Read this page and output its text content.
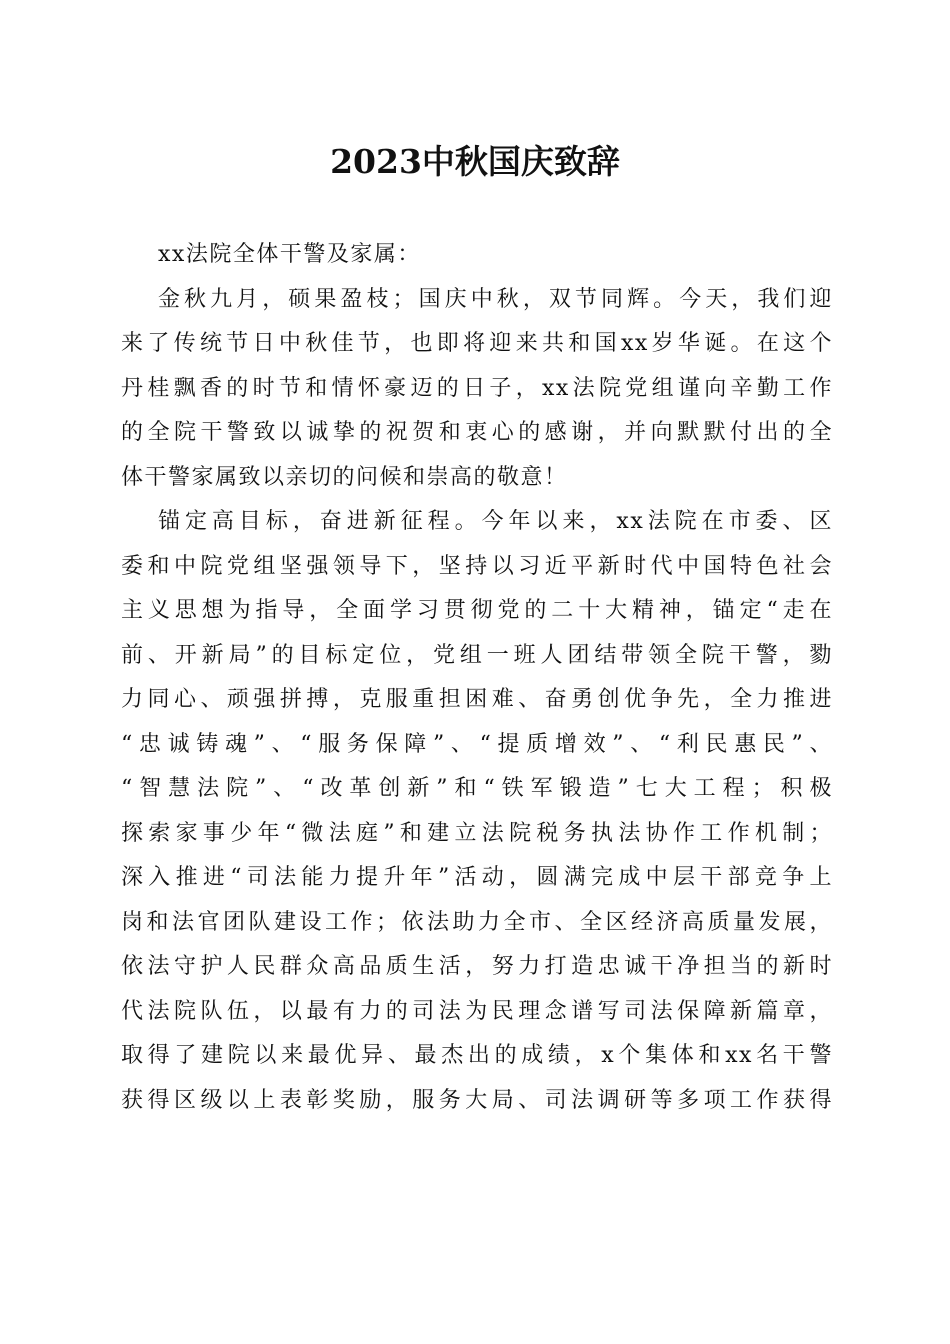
2023中秋国庆致辞

xx法院全体干警及家属：

金秋九月，硕果盈枝；国庆中秋，双节同辉。今天，我们迎
来了传统节日中秋佳节，也即将迎来共和国xx岁华诞。在这个
丹桂飘香的时节和情怀豪迈的日子，xx法院党组谨向辛勤工作
的全院干警致以诚挚的祝贺和衷心的感谢，并向默默付出的全
体干警家属致以亲切的问候和崇高的敬意！

锚定高目标，奋进新征程。今年以来，xx法院在市委、区
委和中院党组坚强领导下，坚持以习近平新时代中国特色社会
主义思想为指导，全面学习贯彻党的二十大精神，锚定“走在
前、开新局”的目标定位，党组一班人团结带领全院干警，勠
力同心、顽强拼搏，克服重担困难、奋勇创优争先，全力推进
“忠诚铸魂”、“服务保障”、“提质增效”、“利民惠民”、
“智慧法院”、“改革创新”和“铁军锻造”七大工程；积极
探索家事少年“微法庭”和建立法院税务执法协作工作机制；
深入推进“司法能力提升年”活动，圆满完成中层干部竞争上
岗和法官团队建设工作；依法助力全市、全区经济高质量发展，
依法守护人民群众高品质生活，努力打造忠诚干净担当的新时
代法院队伍，以最有力的司法为民理念谱写司法保障新篇章，
取得了建院以来最优异、最杰出的成绩，x个集体和xx名干警
获得区级以上表彰奖励，服务大局、司法调研等多项工作获得
